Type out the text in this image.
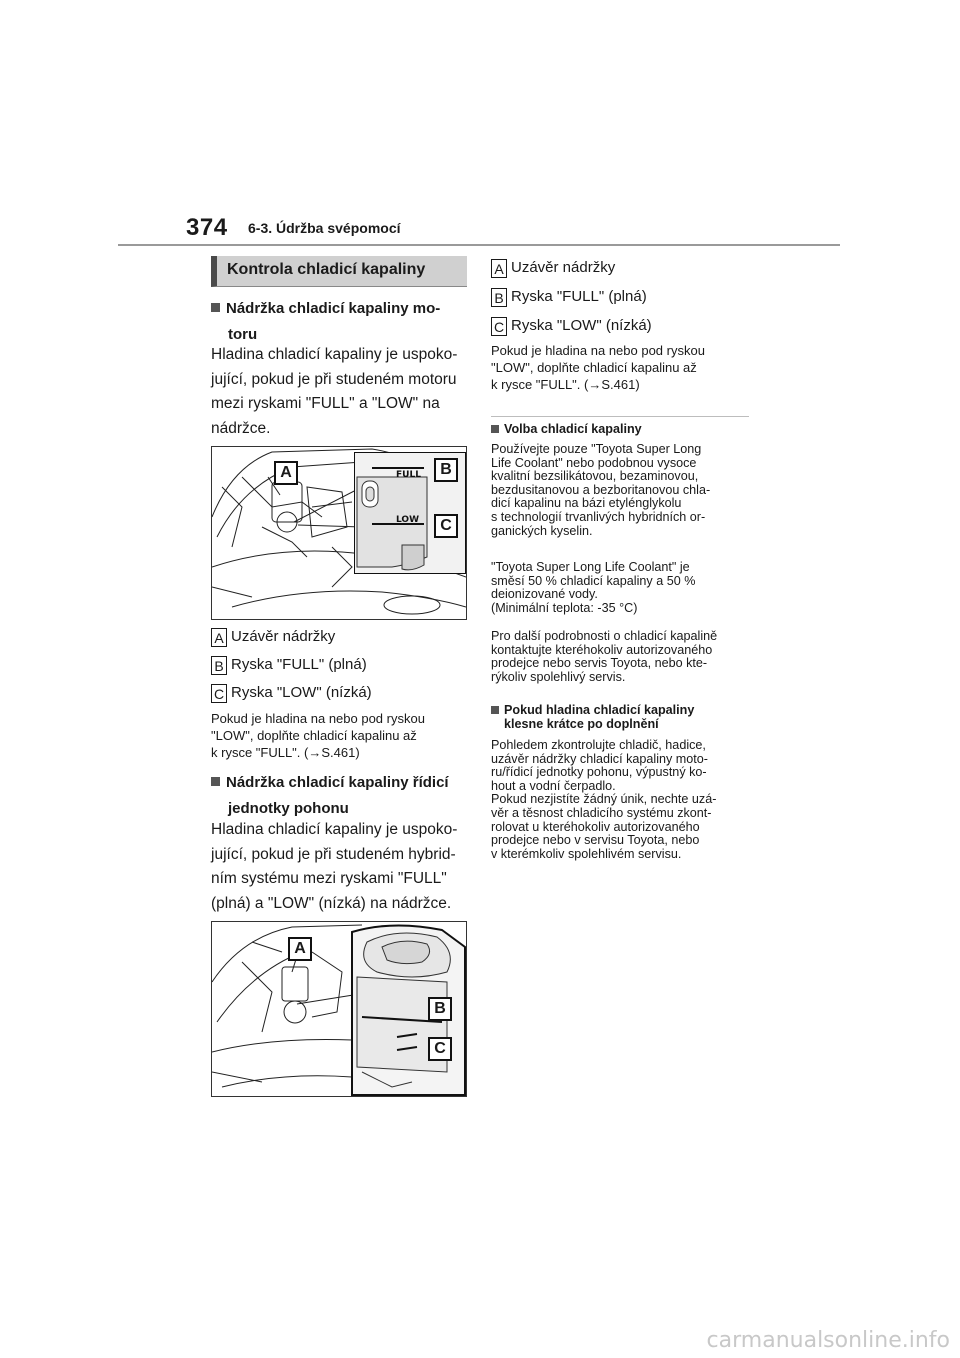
374 6-3. Údržba svépomocí
Kontrola chladicí kapaliny
Nádržka chladicí kapaliny mo-
toru
Hladina chladicí kapaliny je uspoko-
jující, pokud je při studeném motoru
mezi ryskami "FULL" a "LOW" na
nádržce.
FULL
LOW
A	B
C
A Uzávěr nádržky
B Ryska "FULL" (plná)
C Ryska "LOW" (nízká)
Pokud je hladina na nebo pod ryskou
"LOW", doplňte chladicí kapalinu až
k rysce "FULL". (→S.461)
Nádržka chladicí kapaliny řídicí
jednotky pohonu
Hladina chladicí kapaliny je uspoko-
jující, pokud je při studeném hybrid-
ním systému mezi ryskami "FULL"
(plná) a "LOW" (nízká) na nádržce.
A
B
C
A Uzávěr nádržky
B Ryska "FULL" (plná)
C Ryska "LOW" (nízká)
Pokud je hladina na nebo pod ryskou
"LOW", doplňte chladicí kapalinu až
k rysce "FULL". (→S.461)
Volba chladicí kapaliny
Používejte pouze "Toyota Super Long
Life Coolant" nebo podobnou vysoce
kvalitní bezsilikátovou, bezaminovou,
bezdusitanovou a bezboritanovou chla-
dicí kapalinu na bázi etylénglykolu
s technologií trvanlivých hybridních or-
ganických kyselin.
"Toyota Super Long Life Coolant" je
směsí 50 % chladicí kapaliny a 50 %
deionizované vody.
(Minimální teplota: -35 °C)
Pro další podrobnosti o chladicí kapalině
kontaktujte kteréhokoliv autorizovaného
prodejce nebo servis Toyota, nebo kte-
rýkoliv spolehlivý servis.
Pokud hladina chladicí kapaliny
klesne krátce po doplnění
Pohledem zkontrolujte chladič, hadice,
uzávěr nádržky chladicí kapaliny moto-
ru/řídicí jednotky pohonu, výpustný ko-
hout a vodní čerpadlo.
Pokud nezjistíte žádný únik, nechte uzá-
věr a těsnost chladicího systému zkont-
rolovat u kteréhokoliv autorizovaného
prodejce nebo v servisu Toyota, nebo
v kterémkoliv spolehlivém servisu.
carmanualsonline.info
